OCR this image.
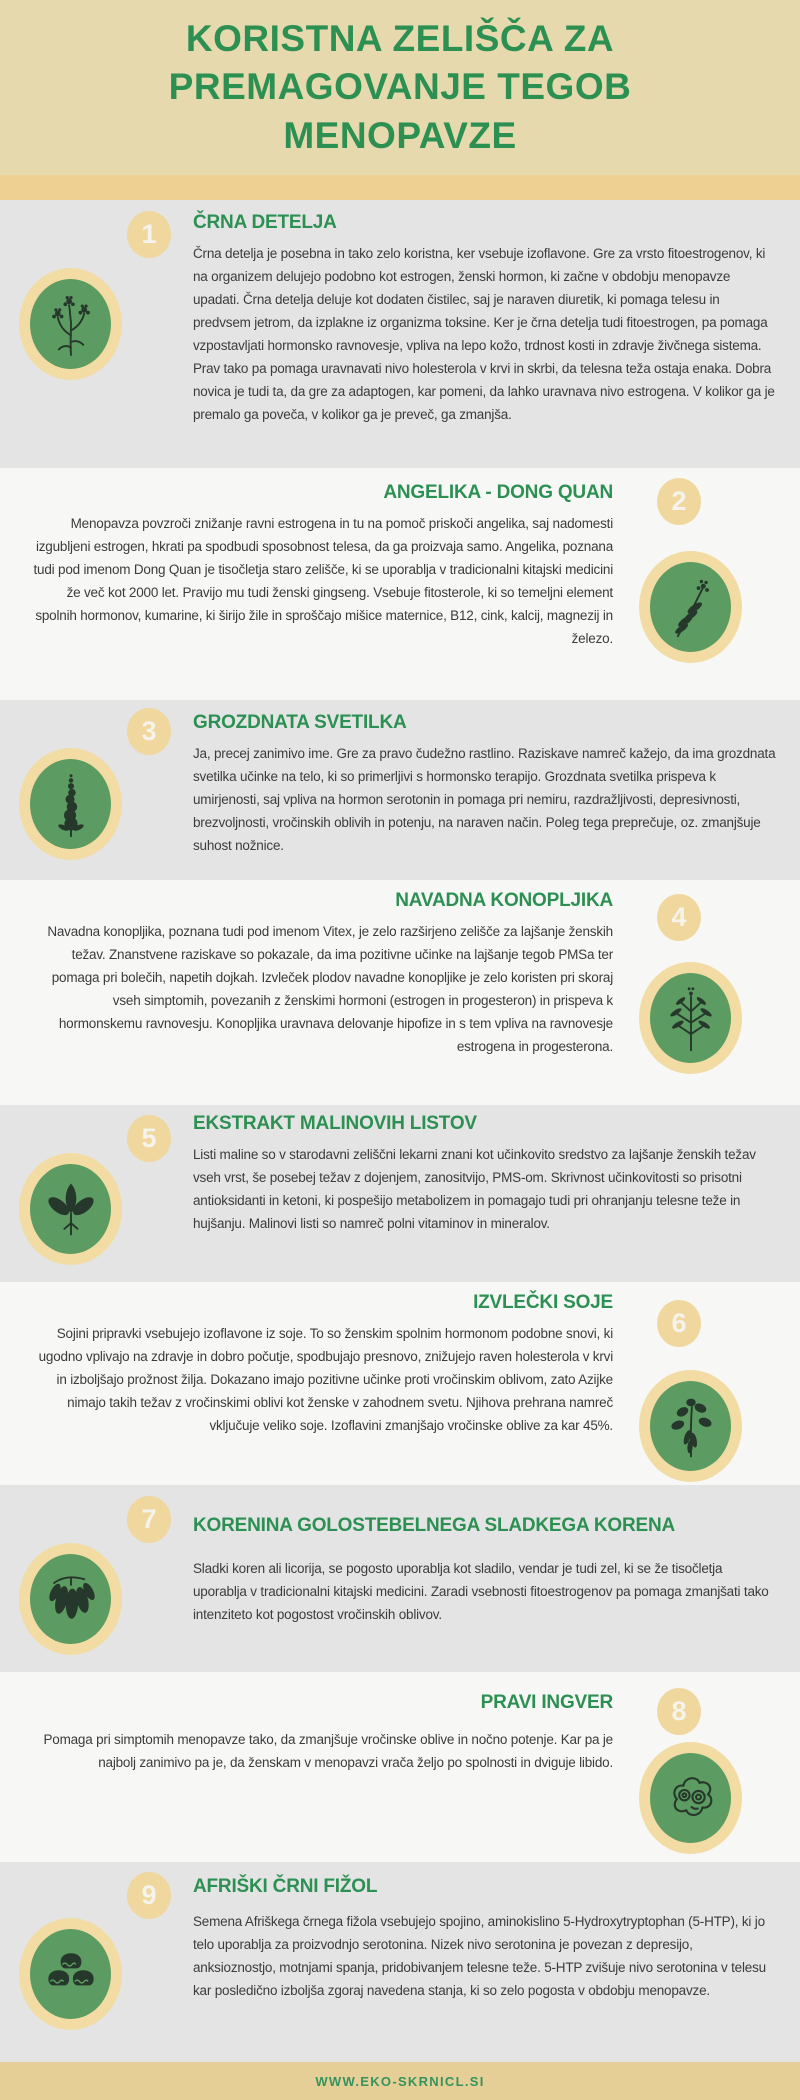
KORISTNA ZELIŠČA ZA PREMAGOVANJE TEGOB MENOPAVZE
1	ČRNA DETELJA

Črna detelja je posebna in tako zelo koristna, ker vsebuje izoflavone. Gre za vrsto fitoestrogenov, ki na organizem delujejo podobno kot estrogen, ženski hormon, ki začne v obdobju menopavze upadati. Črna detelja deluje kot dodaten čistilec, saj je naraven diuretik, ki pomaga telesu in predvsem jetrom, da izplakne iz organizma toksine. Ker je črna detelja tudi fitoestrogen, pa pomaga vzpostavljati hormonsko ravnovesje, vpliva na lepo kožo, trdnost kosti in zdravje živčnega sistema. Prav tako pa pomaga uravnavati nivo holesterola v krvi in skrbi, da telesna teža ostaja enaka. Dobra novica je tudi ta, da gre za adaptogen, kar pomeni, da lahko uravnava nivo estrogena. V kolikor ga je premalo ga poveča, v kolikor ga je preveč, ga zmanjša.

2
ANGELIKA - DONG QUAN

Menopavza povzroči znižanje ravni estrogena in tu na pomoč priskoči angelika, saj nadomesti izgubljeni estrogen, hkrati pa spodbudi sposobnost telesa, da ga proizvaja samo. Angelika, poznana tudi pod imenom Dong Quan je tisočletja staro zelišče, ki se uporablja v tradicionalni kitajski medicini že več kot 2000 let. Pravijo mu tudi ženski gingseng. Vsebuje fitosterole, ki so temeljni element spolnih hormonov, kumarine, ki širijo žile in sproščajo mišice maternice, B12, cink, kalcij, magnezij in železo.

3	GROZDNATA SVETILKA

Ja, precej zanimivo ime. Gre za pravo čudežno rastlino. Raziskave namreč kažejo, da ima grozdnata svetilka učinke na telo, ki so primerljivi s hormonsko terapijo. Grozdnata svetilka prispeva k umirjenosti, saj vpliva na hormon serotonin in pomaga pri nemiru, razdražljivosti, depresivnosti, brezvoljnosti, vročinskih oblivih in potenju, na naraven način. Poleg tega preprečuje, oz. zmanjšuje suhost nožnice.

4
NAVADNA KONOPLJIKA

Navadna konopljika, poznana tudi pod imenom Vitex, je zelo razširjeno zelišče za lajšanje ženskih težav. Znanstvene raziskave so pokazale, da ima pozitivne učinke na lajšanje tegob PMSa ter pomaga pri bolečih, napetih dojkah. Izvleček plodov navadne konopljike je zelo koristen pri skoraj vseh simptomih, povezanih z ženskimi hormoni (estrogen in progesteron) in prispeva k hormonskemu ravnovesju. Konopljika uravnava delovanje hipofize in s tem vpliva na ravnovesje estrogena in progesterona.

5	EKSTRAKT MALINOVIH LISTOV

Listi maline so v starodavni zeliščni lekarni znani kot učinkovito sredstvo za lajšanje ženskih težav vseh vrst, še posebej težav z dojenjem, zanositvijo, PMS-om. Skrivnost učinkovitosti so prisotni antioksidanti in ketoni, ki pospešijo metabolizem in pomagajo tudi pri ohranjanju telesne teže in hujšanju. Malinovi listi so namreč polni vitaminov in mineralov.

6
IZVLEČKI SOJE

Sojini pripravki vsebujejo izoflavone iz soje. To so ženskim spolnim hormonom podobne snovi, ki ugodno vplivajo na zdravje in dobro počutje, spodbujajo presnovo, znižujejo raven holesterola v krvi in izboljšajo prožnost žilja. Dokazano imajo pozitivne učinke proti vročinskim oblivom, zato Azijke nimajo takih težav z vročinskimi oblivi kot ženske v zahodnem svetu. Njihova prehrana namreč vključuje veliko soje. Izoflavini zmanjšajo vročinske oblive za kar 45%.

7	KORENINA GOLOSTEBELNEGA SLADKEGA KORENA

Sladki koren ali licorija, se pogosto uporablja kot sladilo, vendar je tudi zel, ki se že tisočletja uporablja v tradicionalni kitajski medicini. Zaradi vsebnosti fitoestrogenov pa pomaga zmanjšati tako intenziteto kot pogostost vročinskih oblivov.

8
PRAVI INGVER

Pomaga pri simptomih menopavze tako, da zmanjšuje vročinske oblive in nočno potenje. Kar pa je najbolj zanimivo pa je, da ženskam v menopavzi vrača željo po spolnosti in dviguje libido.

9	AFRIŠKI ČRNI FIŽOL

Semena Afriškega črnega fižola vsebujejo spojino, aminokislino 5-Hydroxytryptophan (5-HTP), ki jo telo uporablja za proizvodnjo serotonina. Nizek nivo serotonina je povezan z depresijo, anksioznostjo, motnjami spanja, pridobivanjem telesne teže. 5-HTP zvišuje nivo serotonina v telesu kar posledično izboljša zgoraj navedena stanja, ki so zelo pogosta v obdobju menopavze.

WWW.EKO-SKRNICL.SI
